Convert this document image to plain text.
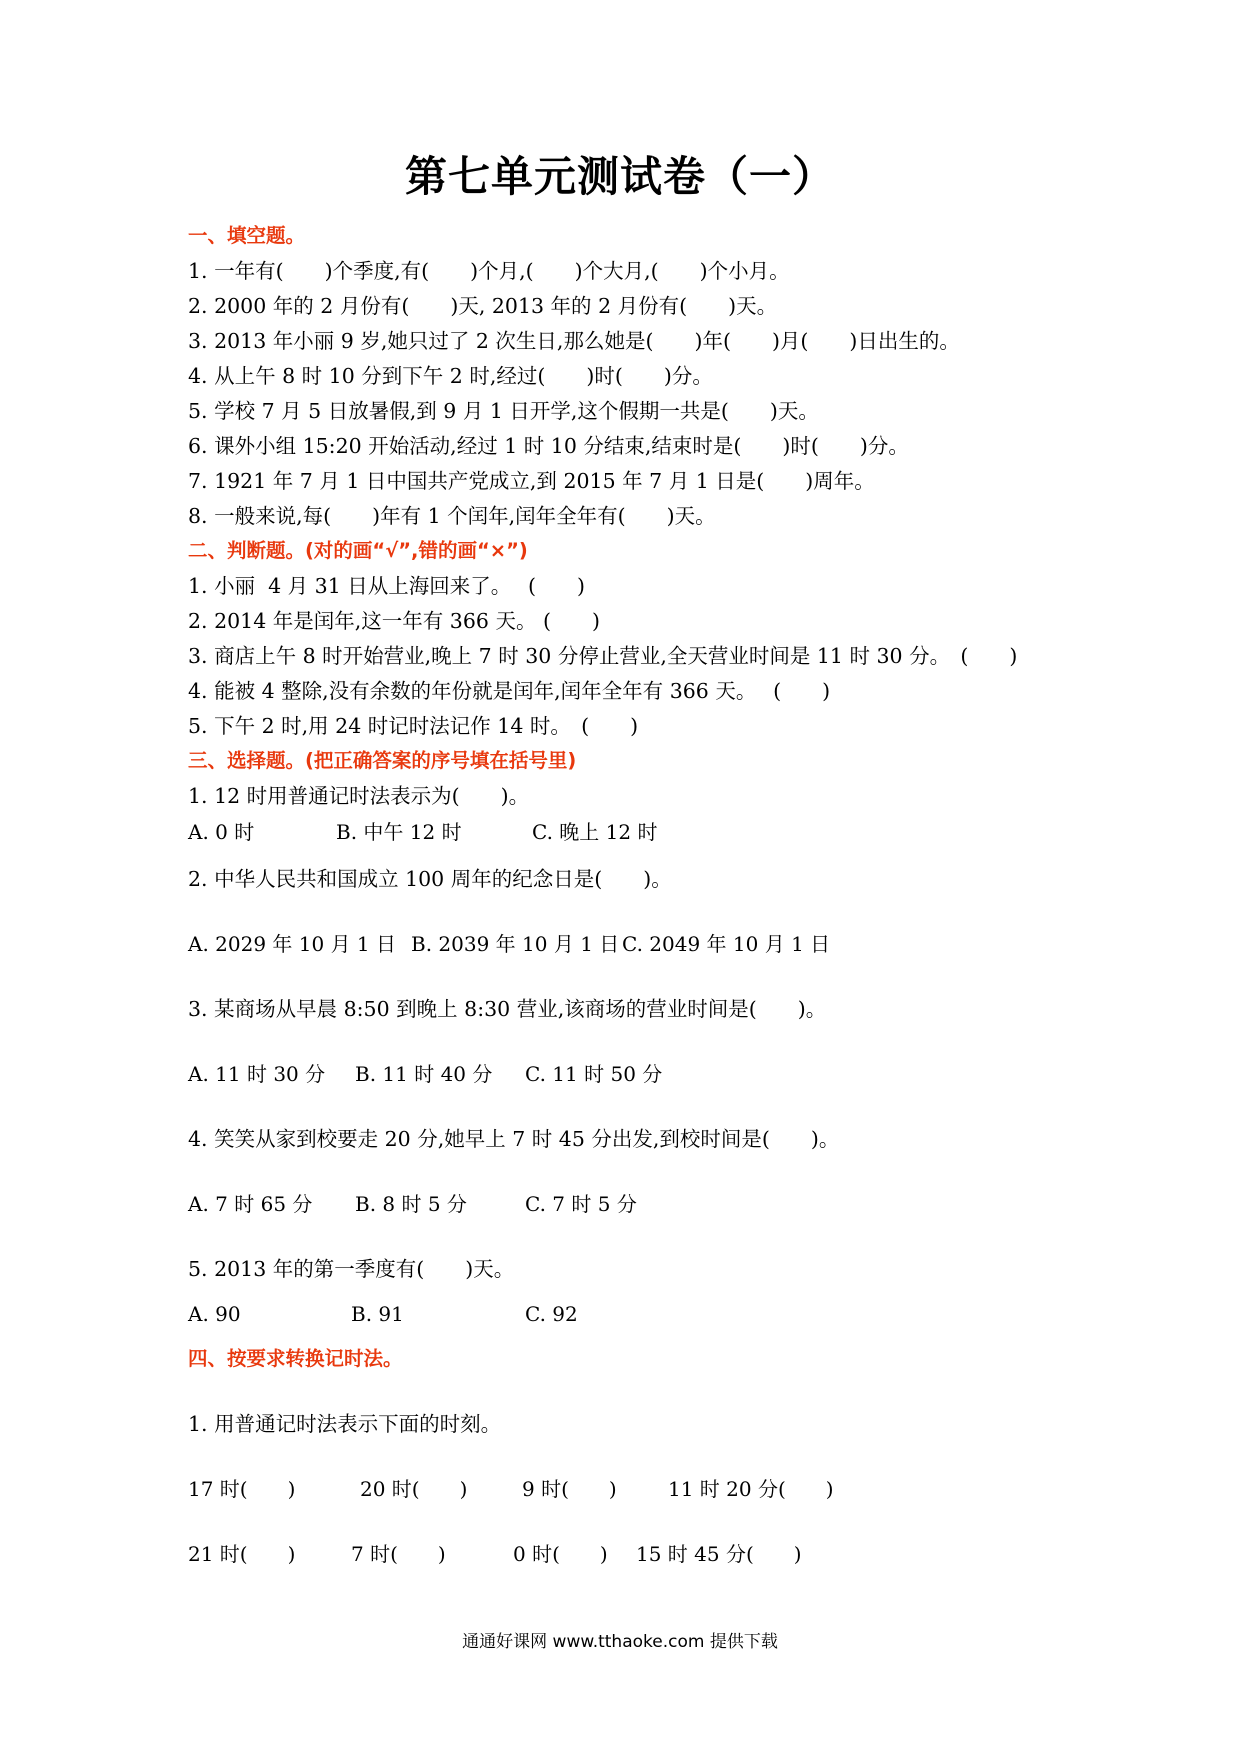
第七单元测试卷（一）
一、填空题。
1. 一年有(　　)个季度,有(　　)个月,(　　)个大月,(　　)个小月。
2. 2000 年的 2 月份有(　　)天, 2013 年的 2 月份有(　　)天。
3. 2013 年小丽 9 岁,她只过了 2 次生日,那么她是(　　)年(　　)月(　　)日出生的。
4. 从上午 8 时 10 分到下午 2 时,经过(　　)时(　　)分。
5. 学校 7 月 5 日放暑假,到 9 月 1 日开学,这个假期一共是(　　)天。
6. 课外小组 15:20 开始活动,经过 1 时 10 分结束,结束时是(　　)时(　　)分。
7. 1921 年 7 月 1 日中国共产党成立,到 2015 年 7 月 1 日是(　　)周年。
8. 一般来说,每(　　)年有 1 个闰年,闰年全年有(　　)天。
二、判断题。(对的画“√”,错的画“×”)
1. 小丽  4 月 31 日从上海回来了。　 (　　)
2. 2014 年是闰年,这一年有 366 天。 (　　)
3. 商店上午 8 时开始营业,晚上 7 时 30 分停止营业,全天营业时间是 11 时 30 分。　(　　)
4. 能被 4 整除,没有余数的年份就是闰年,闰年全年有 366 天。　 (　　)
5. 下午 2 时,用 24 时记时法记作 14 时。　(　　)
三、选择题。(把正确答案的序号填在括号里)
1. 12 时用普通记时法表示为(　　)。
A. 0 时	B. 中午 12 时	C. 晚上 12 时
2. 中华人民共和国成立 100 周年的纪念日是(　　)。
A. 2029 年 10 月 1 日 B. 2039 年 10 月 1 日 C. 2049 年 10 月 1 日
3. 某商场从早晨 8:50 到晚上 8:30 营业,该商场的营业时间是(　　)。
A. 11 时 30 分 B. 11 时 40 分 C. 11 时 50 分
4. 笑笑从家到校要走 20 分,她早上 7 时 45 分出发,到校时间是(　　)。
A. 7 时 65 分 B. 8 时 5 分	C. 7 时 5 分
5. 2013 年的第一季度有(　　)天。
A. 90	B. 91	C. 92
四、按要求转换记时法。
1. 用普通记时法表示下面的时刻。
17 时(　　)	20 时(　　)	9 时(　　)	11 时 20 分(　　)
21 时(　　)	7 时(　　)	0 时(　　) 15 时 45 分(　　)
通通好课网 www.tthaoke.com 提供下载
